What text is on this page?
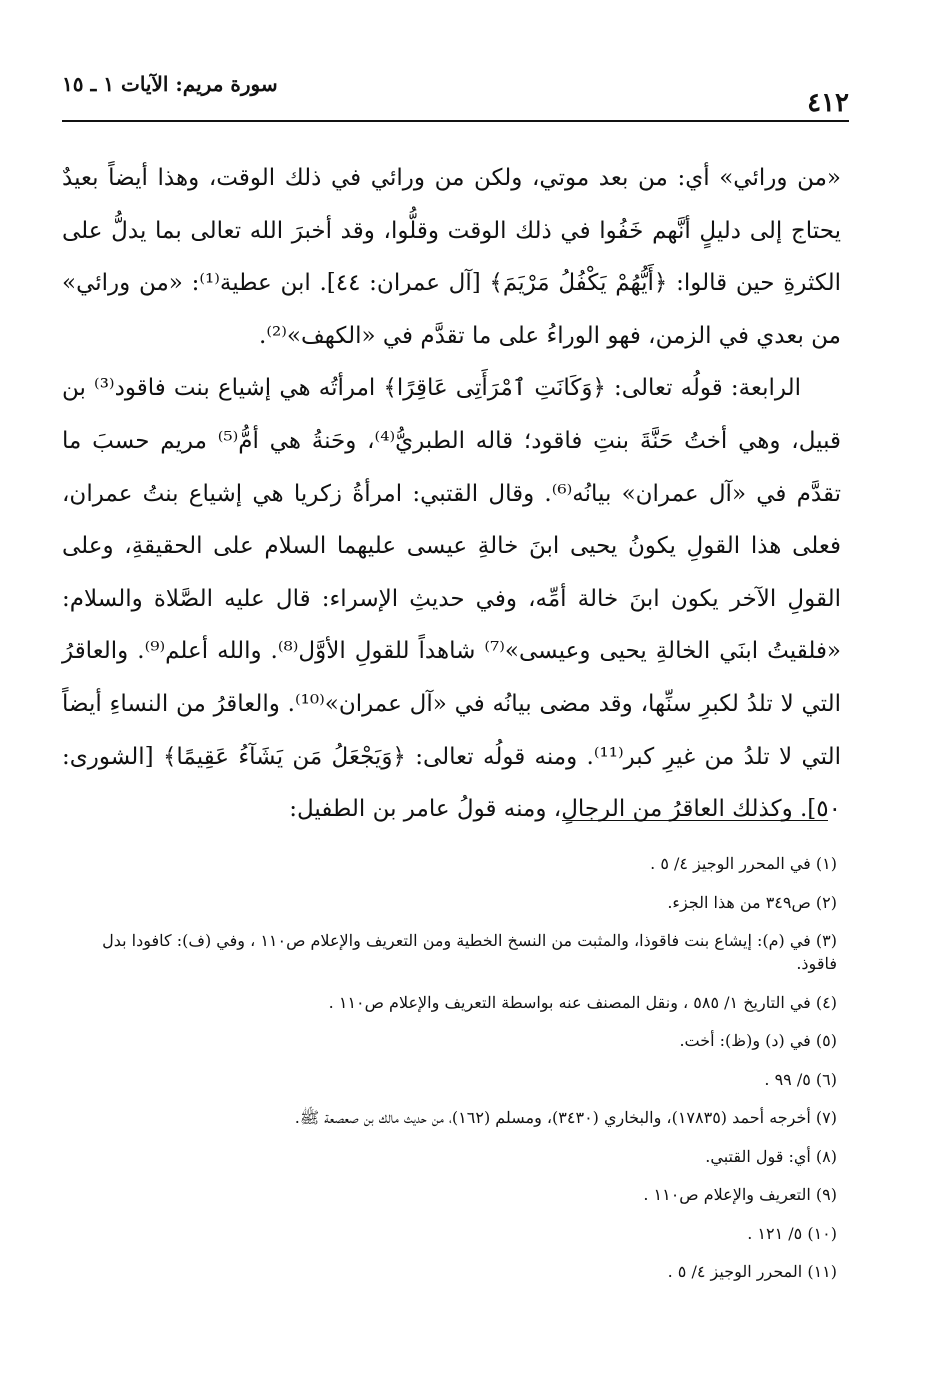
٤١٢
سورة مريم: الآيات ١ ـ ١٥

«من ورائي» أي: من بعد موتي، ولكن من ورائي في ذلك الوقت، وهذا أيضاً بعيدٌ يحتاج إلى دليلٍ أنَّهم خَفُوا في ذلك الوقت وقلُّوا، وقد أخبرَ الله تعالى بما يدلُّ على الكثرةِ حين قالوا: ﴿أَيُّهُمْ يَكْفُلُ مَرْيَمَ﴾ [آل عمران: ٤٤]. ابن عطية⁽¹⁾: «من ورائي» من بعدي في الزمن، فهو الوراءُ على ما تقدَّم في «الكهف»⁽²⁾.

الرابعة: قولُه تعالى: ﴿وَكَانَتِ ٱمْرَأَتِى عَاقِرًا﴾ امرأتُه هي إشياع بنت فاقود⁽³⁾ بن قبيل، وهي أختُ حَنَّةَ بنتِ فاقود؛ قاله الطبريُّ⁽⁴⁾، وحَنةُ هي أمُّ⁽⁵⁾ مريم حسبَ ما تقدَّم في «آل عمران» بيانُه⁽⁶⁾. وقال القتبي: امرأةُ زكريا هي إشياع بنتُ عمران، فعلى هذا القولِ يكونُ يحيى ابنَ خالةِ عيسى عليهما السلام على الحقيقةِ، وعلى القولِ الآخر يكون ابنَ خالة أمِّه، وفي حديثِ الإسراء: قال عليه الصَّلاة والسلام: «فلقيتُ ابنَي الخالةِ يحيى وعيسى»⁽⁷⁾ شاهداً للقولِ الأوَّل⁽⁸⁾. والله أعلم⁽⁹⁾. والعاقرُ التي لا تلدُ لكبرِ سنِّها، وقد مضى بيانُه في «آل عمران»⁽¹⁰⁾. والعاقرُ من النساءِ أيضاً التي لا تلدُ من غيرِ كبر⁽¹¹⁾. ومنه قولُه تعالى: ﴿وَيَجْعَلُ مَن يَشَآءُ عَقِيمًا﴾ [الشورى: ٥٠]. وكذلك العاقرُ من الرجالِ، ومنه قولُ عامر بن الطفيل:

(١) في المحرر الوجيز ٤/ ٥ .
(٢) ص٣٤٩ من هذا الجزء.
(٣) في (م): إيشاع بنت فاقوذا، والمثبت من النسخ الخطية ومن التعريف والإعلام ص١١٠ ، وفي (ف): كافودا بدل فاقوذ.
(٤) في التاريخ ١/ ٥٨٥ ، ونقل المصنف عنه بواسطة التعريف والإعلام ص١١٠ .
(٥) في (د) و(ظ): أخت.
(٦) ٥/ ٩٩ .
(٧) أخرجه أحمد (١٧٨٣٥)، والبخاري (٣٤٣٠)، ومسلم (١٦٢)، من حديث مالك بن صعصعة ﷺ.
(٨) أي: قول القتبي.
(٩) التعريف والإعلام ص١١٠ .
(١٠) ٥/ ١٢١ .
(١١) المحرر الوجيز ٤/ ٥ .
